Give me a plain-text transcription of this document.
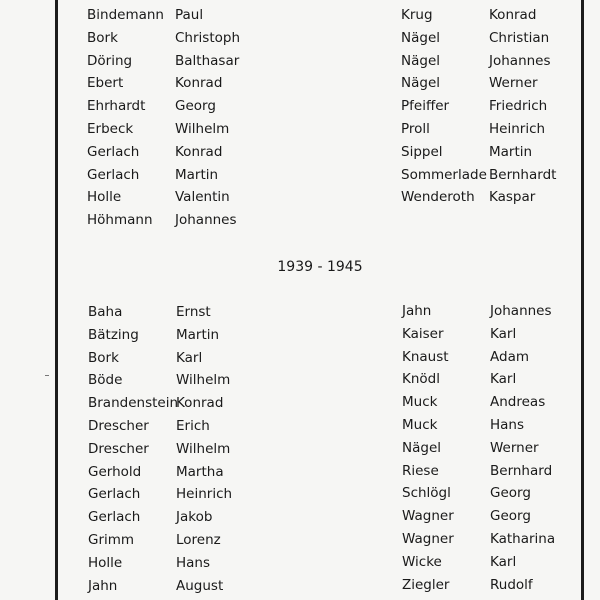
Bindemann
Bork
Döring
Ebert
Ehrhardt
Erbeck
Gerlach
Gerlach
Holle
Höhmann
Paul
Christoph
Balthasar
Konrad
Georg
Wilhelm
Konrad
Martin
Valentin
Johannes
Krug
Nägel
Nägel
Nägel
Pfeiffer
Proll
Sippel
Sommerlade
Wenderoth
Konrad
Christian
Johannes
Werner
Friedrich
Heinrich
Martin
Bernhardt
Kaspar
1939 - 1945
Baha
Bätzing
Bork
Böde
Brandenstein
Drescher
Drescher
Gerhold
Gerlach
Gerlach
Grimm
Holle
Jahn
Ernst
Martin
Karl
Wilhelm
Konrad
Erich
Wilhelm
Martha
Heinrich
Jakob
Lorenz
Hans
August
Jahn
Kaiser
Knaust
Knödl
Muck
Muck
Nägel
Riese
Schlögl
Wagner
Wagner
Wicke
Ziegler
Johannes
Karl
Adam
Karl
Andreas
Hans
Werner
Bernhard
Georg
Georg
Katharina
Karl
Rudolf
